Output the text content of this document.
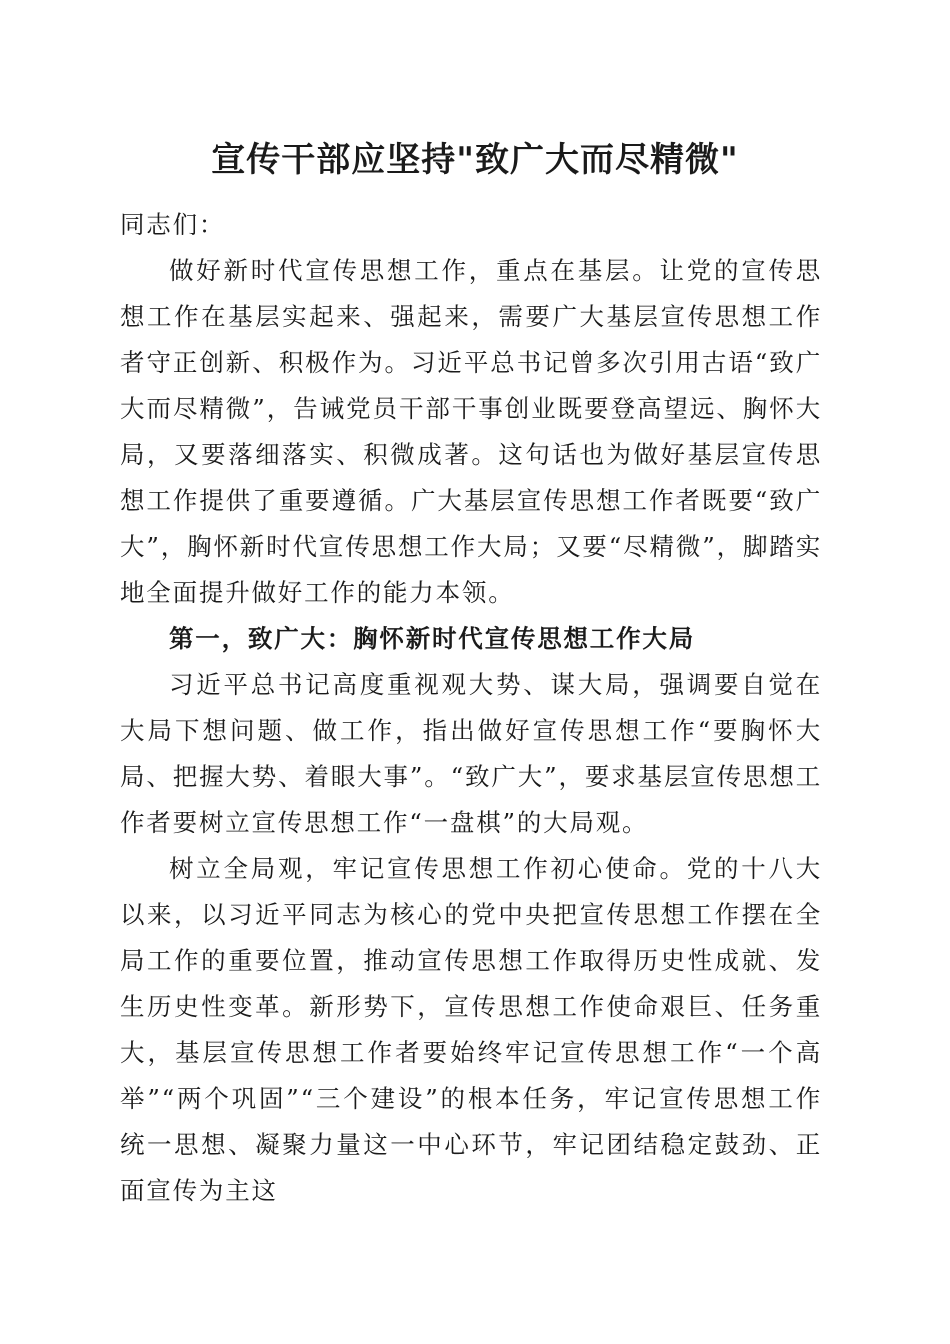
宣传干部应坚持"致广大而尽精微"

同志们：

做好新时代宣传思想工作，重点在基层。让党的宣传思想工作在基层实起来、强起来，需要广大基层宣传思想工作者守正创新、积极作为。习近平总书记曾多次引用古语“致广大而尽精微”，告诫党员干部干事创业既要登高望远、胸怀大局，又要落细落实、积微成著。这句话也为做好基层宣传思想工作提供了重要遵循。广大基层宣传思想工作者既要“致广大”，胸怀新时代宣传思想工作大局；又要“尽精微”，脚踏实地全面提升做好工作的能力本领。

第一，致广大：胸怀新时代宣传思想工作大局

习近平总书记高度重视观大势、谋大局，强调要自觉在大局下想问题、做工作，指出做好宣传思想工作“要胸怀大局、把握大势、着眼大事”。“致广大”，要求基层宣传思想工作者要树立宣传思想工作“一盘棋”的大局观。

树立全局观，牢记宣传思想工作初心使命。党的十八大以来，以习近平同志为核心的党中央把宣传思想工作摆在全局工作的重要位置，推动宣传思想工作取得历史性成就、发生历史性变革。新形势下，宣传思想工作使命艰巨、任务重大，基层宣传思想工作者要始终牢记宣传思想工作“一个高举”“两个巩固”“三个建设”的根本任务，牢记宣传思想工作统一思想、凝聚力量这一中心环节，牢记团结稳定鼓劲、正面宣传为主这
